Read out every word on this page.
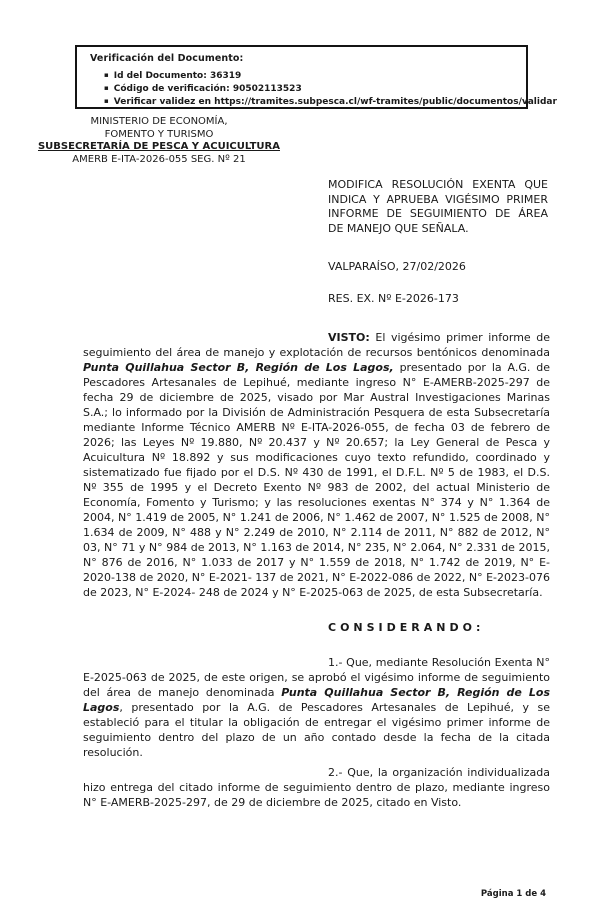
Verificación del Documento:
▪ Id del Documento: 36319
▪ Código de verificación: 90502113523
▪ Verificar validez en https://tramites.subpesca.cl/wf-tramites/public/documentos/validar
MINISTERIO DE ECONOMÍA,
FOMENTO Y TURISMO
SUBSECRETARÍA DE PESCA Y ACUICULTURA
AMERB E-ITA-2026-055 SEG. Nº 21
MODIFICA RESOLUCIÓN EXENTA QUE INDICA Y APRUEBA VIGÉSIMO PRIMER INFORME DE SEGUIMIENTO DE ÁREA DE MANEJO QUE SEÑALA.
VALPARAÍSO, 27/02/2026
RES. EX. Nº E-2026-173

VISTO: El vigésimo primer informe de seguimiento del área de manejo y explotación de recursos bentónicos denominada Punta Quillahua Sector B, Región de Los Lagos, presentado por la A.G. de Pescadores Artesanales de Lepihué, mediante ingreso N° E-AMERB-2025-297 de fecha 29 de diciembre de 2025, visado por Mar Austral Investigaciones Marinas S.A.; lo informado por la División de Administración Pesquera de esta Subsecretaría mediante Informe Técnico AMERB Nº E-ITA-2026-055, de fecha 03 de febrero de 2026; las Leyes Nº 19.880, Nº 20.437 y Nº 20.657; la Ley General de Pesca y Acuicultura Nº 18.892 y sus modificaciones cuyo texto refundido, coordinado y sistematizado fue fijado por el D.S. Nº 430 de 1991, el D.F.L. Nº 5 de 1983, el D.S. Nº 355 de 1995 y el Decreto Exento Nº 983 de 2002, del actual Ministerio de Economía, Fomento y Turismo; y las resoluciones exentas N° 374 y N° 1.364 de 2004, N° 1.419 de 2005, N° 1.241 de 2006, N° 1.462 de 2007, N° 1.525 de 2008, N° 1.634 de 2009, N° 488 y N° 2.249 de 2010, N° 2.114 de 2011, N° 882 de 2012, N° 03, N° 71 y N° 984 de 2013, N° 1.163 de 2014, N° 235, N° 2.064, N° 2.331 de 2015, N° 876 de 2016, N° 1.033 de 2017 y N° 1.559 de 2018, N° 1.742 de 2019, N° E-2020-138 de 2020, N° E-2021- 137 de 2021, N° E-2022-086 de 2022, N° E-2023-076 de 2023, N° E-2024- 248 de 2024 y N° E-2025-063 de 2025, de esta Subsecretaría.

CONSIDERANDO:

1.- Que, mediante Resolución Exenta N° E-2025-063 de 2025, de este origen, se aprobó el vigésimo informe de seguimiento del área de manejo denominada Punta Quillahua Sector B, Región de Los Lagos, presentado por la A.G. de Pescadores Artesanales de Lepihué, y se estableció para el titular la obligación de entregar el vigésimo primer informe de seguimiento dentro del plazo de un año contado desde la fecha de la citada resolución.

2.- Que, la organización individualizada hizo entrega del citado informe de seguimiento dentro de plazo, mediante ingreso N° E-AMERB-2025-297, de 29 de diciembre de 2025, citado en Visto.

Página 1 de 4
